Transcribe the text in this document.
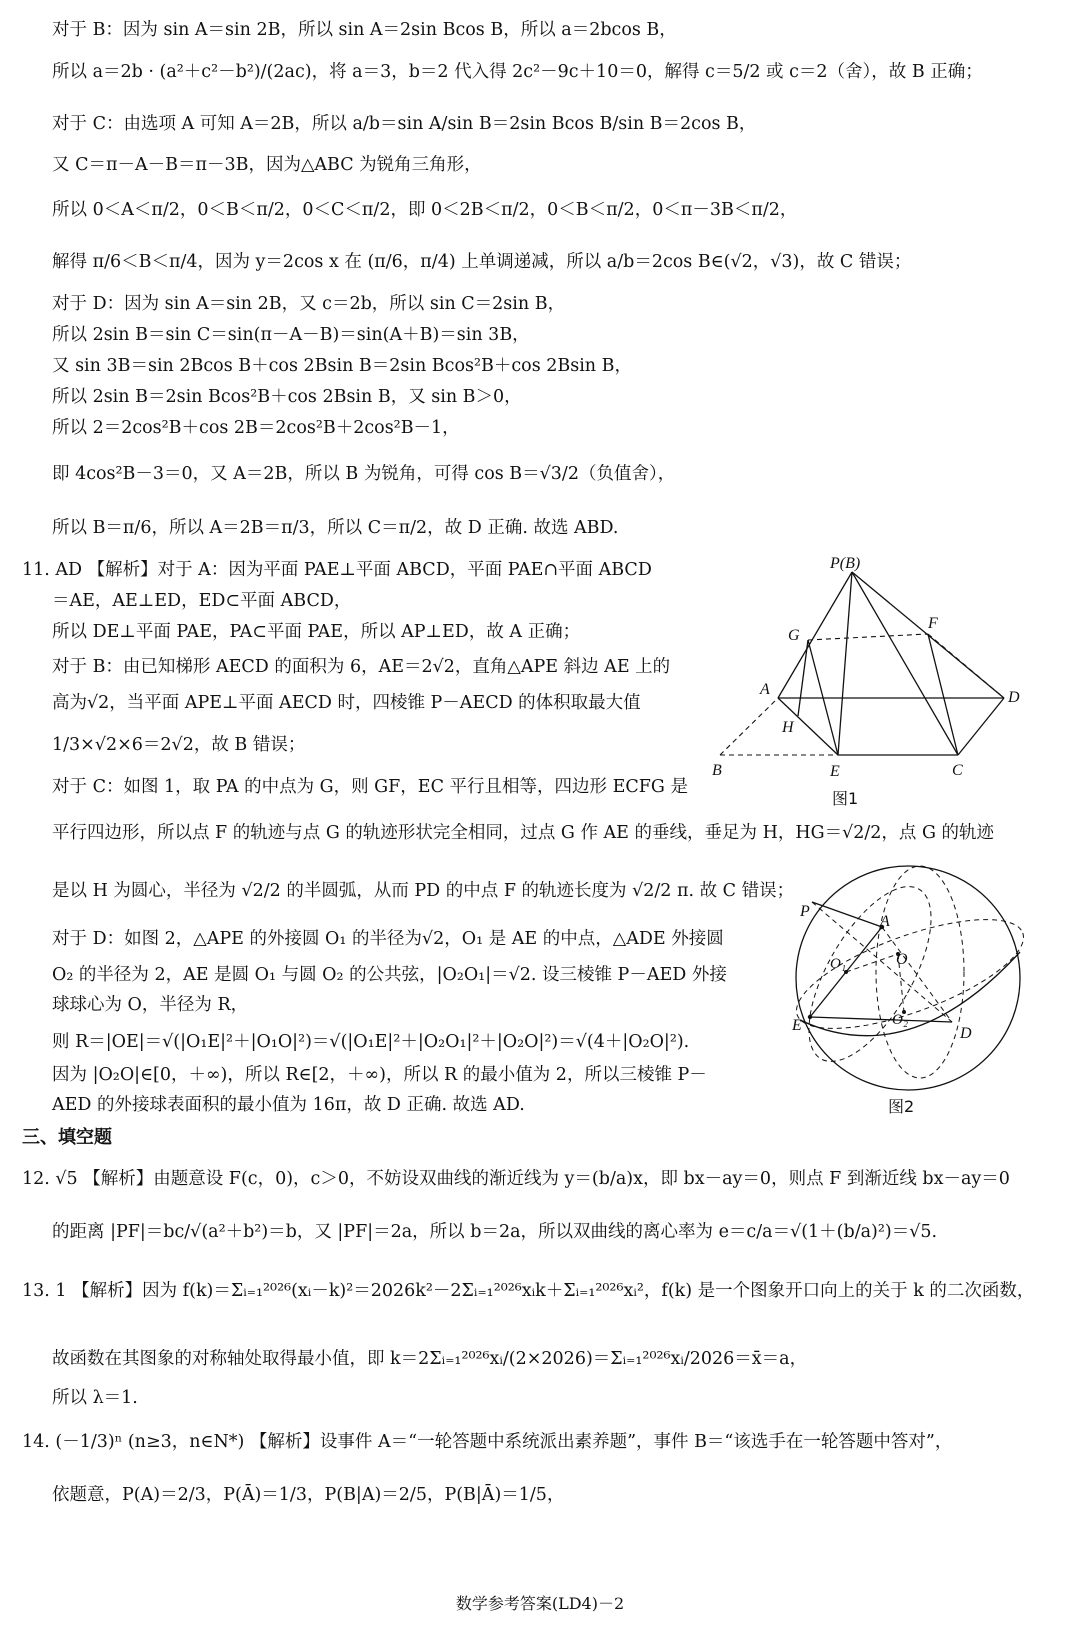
对于 B：因为 sin A＝sin 2B，所以 sin A＝2sin Bcos B，所以 a＝2bcos B，
所以 a＝2b · (a²＋c²－b²)/(2ac)，将 a＝3，b＝2 代入得 2c²－9c＋10＝0，解得 c＝5/2 或 c＝2（舍），故 B 正确；
对于 C：由选项 A 可知 A＝2B，所以 a/b＝sin A/sin B＝2sin Bcos B/sin B＝2cos B，
又 C＝π－A－B＝π－3B，因为△ABC 为锐角三角形，
所以 0＜A＜π/2，0＜B＜π/2，0＜C＜π/2，即 0＜2B＜π/2，0＜B＜π/2，0＜π－3B＜π/2，
解得 π/6＜B＜π/4，因为 y＝2cos x 在 (π/6，π/4) 上单调递减，所以 a/b＝2cos B∈(√2，√3)，故 C 错误；
对于 D：因为 sin A＝sin 2B，又 c＝2b，所以 sin C＝2sin B，
所以 2sin B＝sin C＝sin(π－A－B)＝sin(A＋B)＝sin 3B，
又 sin 3B＝sin 2Bcos B＋cos 2Bsin B＝2sin Bcos²B＋cos 2Bsin B，
所以 2sin B＝2sin Bcos²B＋cos 2Bsin B，又 sin B＞0，
所以 2＝2cos²B＋cos 2B＝2cos²B＋2cos²B－1，
即 4cos²B－3＝0，又 A＝2B，所以 B 为锐角，可得 cos B＝√3/2（负值舍），
所以 B＝π/6，所以 A＝2B＝π/3，所以 C＝π/2，故 D 正确. 故选 ABD.
11. AD 【解析】对于 A：因为平面 PAE⊥平面 ABCD，平面 PAE∩平面 ABCD
＝AE，AE⊥ED，ED⊂平面 ABCD，
所以 DE⊥平面 PAE，PA⊂平面 PAE，所以 AP⊥ED，故 A 正确；
对于 B：由已知梯形 AECD 的面积为 6，AE＝2√2，直角△APE 斜边 AE 上的
高为√2，当平面 APE⊥平面 AECD 时，四棱锥 P－AECD 的体积取最大值
1/3×√2×6＝2√2，故 B 错误；
对于 C：如图 1，取 PA 的中点为 G，则 GF，EC 平行且相等，四边形 ECFG 是
平行四边形，所以点 F 的轨迹与点 G 的轨迹形状完全相同，过点 G 作 AE 的垂线，垂足为 H，HG＝√2/2，点 G 的轨迹
是以 H 为圆心，半径为 √2/2 的半圆弧，从而 PD 的中点 F 的轨迹长度为 √2/2 π. 故 C 错误；
对于 D：如图 2，△APE 的外接圆 O₁ 的半径为√2，O₁ 是 AE 的中点，△ADE 外接圆
O₂ 的半径为 2，AE 是圆 O₁ 与圆 O₂ 的公共弦，|O₂O₁|＝√2. 设三棱锥 P－AED 外接
球球心为 O，半径为 R，
则 R＝|OE|＝√(|O₁E|²＋|O₁O|²)＝√(|O₁E|²＋|O₂O₁|²＋|O₂O|²)＝√(4＋|O₂O|²).
因为 |O₂O|∈[0，＋∞)，所以 R∈[2，＋∞)，所以 R 的最小值为 2，所以三棱锥 P－
AED 的外接球表面积的最小值为 16π，故 D 正确. 故选 AD.
三、填空题
12. √5 【解析】由题意设 F(c，0)，c＞0，不妨设双曲线的渐近线为 y＝(b/a)x，即 bx－ay＝0，则点 F 到渐近线 bx－ay＝0
的距离 |PF|＝bc/√(a²＋b²)＝b，又 |PF|＝2a，所以 b＝2a，所以双曲线的离心率为 e＝c/a＝√(1＋(b/a)²)＝√5.
13. 1 【解析】因为 f(k)＝Σᵢ₌₁²⁰²⁶(xᵢ－k)²＝2026k²－2Σᵢ₌₁²⁰²⁶xᵢk＋Σᵢ₌₁²⁰²⁶xᵢ²，f(k) 是一个图象开口向上的关于 k 的二次函数，
故函数在其图象的对称轴处取得最小值，即 k＝2Σᵢ₌₁²⁰²⁶xᵢ/(2×2026)＝Σᵢ₌₁²⁰²⁶xᵢ/2026＝x̄＝a，
所以 λ＝1.
14. (－1/3)ⁿ (n≥3，n∈N*) 【解析】设事件 A＝“一轮答题中系统派出素养题”，事件 B＝“该选手在一轮答题中答对”，
依题意，P(A)＝2/3，P(Ā)＝1/3，P(B|A)＝2/5，P(B|Ā)＝1/5，
P(B)
G
F
A	D
H
B	E	C
图1
P
A
O₁	O
E	O₂
D
图2
数学参考答案(LD4)－2
